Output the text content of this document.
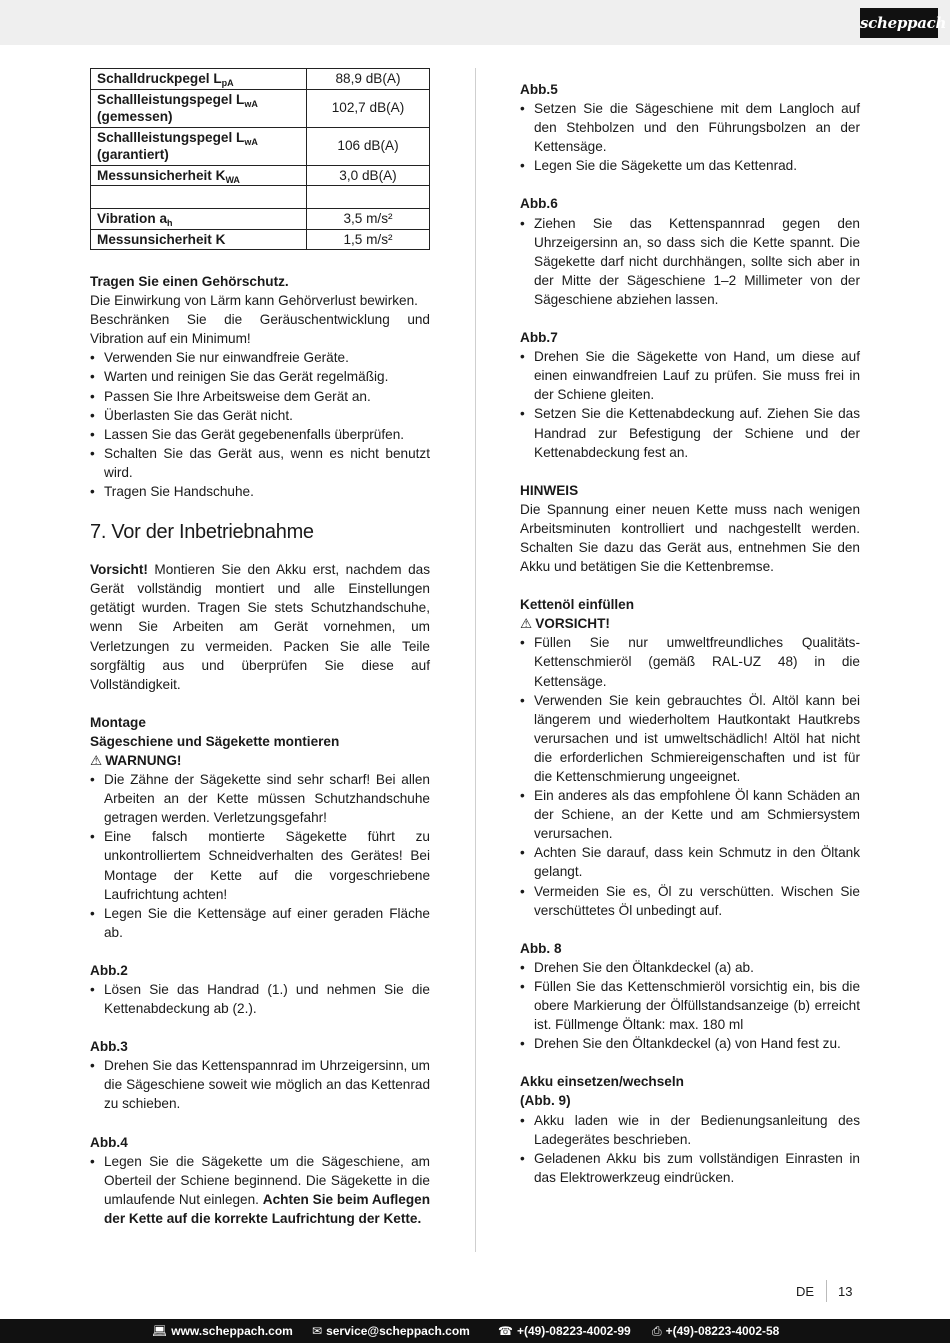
scheppach
Schalldruckpegel $L_{pA}$	88,9 dB(A)
Schallleistungspegel $L_{wA}$
(gemessen)	102,7 dB(A)
Schallleistungspegel $L_{wA}$
(garantiert)	106 dB(A)
Messunsicherheit $K_{WA}$	3,0 dB(A)

Vibration $a_h$	3,5 m/s²
Messunsicherheit K	1,5 m/s²

Tragen Sie einen Gehörschutz.

Die Einwirkung von Lärm kann Gehörverlust bewirken.

Beschränken Sie die Geräuschentwicklung und Vibration auf ein Minimum!

• Verwenden Sie nur einwandfreie Geräte.
• Warten und reinigen Sie das Gerät regelmäßig.
• Passen Sie Ihre Arbeitsweise dem Gerät an.
• Überlasten Sie das Gerät nicht.
• Lassen Sie das Gerät gegebenenfalls überprüfen.
• Schalten Sie das Gerät aus, wenn es nicht benutzt wird.
• Tragen Sie Handschuhe.
7. Vor der Inbetriebnahme

Vorsicht! Montieren Sie den Akku erst, nachdem das Gerät vollständig montiert und alle Einstellungen getätigt wurden. Tragen Sie stets Schutzhandschuhe, wenn Sie Arbeiten am Gerät vornehmen, um Verletzungen zu vermeiden. Packen Sie alle Teile sorgfältig aus und überprüfen Sie diese auf Vollständigkeit.

Montage

Sägeschiene und Sägekette montieren

⚠ WARNUNG!

• Die Zähne der Sägekette sind sehr scharf! Bei allen Arbeiten an der Kette müssen Schutzhandschuhe getragen werden. Verletzungsgefahr!
• Eine falsch montierte Sägekette führt zu unkontrolliertem Schneidverhalten des Gerätes! Bei Montage der Kette auf die vorgeschriebene Laufrichtung achten!
• Legen Sie die Kettensäge auf einer geraden Fläche ab.

Abb.2

• Lösen Sie das Handrad (1.) und nehmen Sie die Kettenabdeckung ab (2.).

Abb.3

• Drehen Sie das Kettenspannrad im Uhrzeigersinn, um die Sägeschiene soweit wie möglich an das Kettenrad zu schieben.

Abb.4

• Legen Sie die Sägekette um die Sägeschiene, am Oberteil der Schiene beginnend. Die Sägekette in die umlaufende Nut einlegen. Achten Sie beim Auflegen der Kette auf die korrekte Laufrichtung der Kette.

Abb.5

• Setzen Sie die Sägeschiene mit dem Langloch auf den Stehbolzen und den Führungsbolzen an der Kettensäge.
• Legen Sie die Sägekette um das Kettenrad.

Abb.6

• Ziehen Sie das Kettenspannrad gegen den Uhrzeigersinn an, so dass sich die Kette spannt. Die Sägekette darf nicht durchhängen, sollte sich aber in der Mitte der Sägeschiene 1–2 Millimeter von der Sägeschiene abziehen lassen.

Abb.7

• Drehen Sie die Sägekette von Hand, um diese auf einen einwandfreien Lauf zu prüfen. Sie muss frei in der Schiene gleiten.
• Setzen Sie die Kettenabdeckung auf. Ziehen Sie das Handrad zur Befestigung der Schiene und der Kettenabdeckung fest an.

HINWEIS

Die Spannung einer neuen Kette muss nach wenigen Arbeitsminuten kontrolliert und nachgestellt werden. Schalten Sie dazu das Gerät aus, entnehmen Sie den Akku und betätigen Sie die Kettenbremse.

Kettenöl einfüllen

⚠ VORSICHT!

• Füllen Sie nur umweltfreundliches Qualitäts-Kettenschmieröl (gemäß RAL-UZ 48) in die Kettensäge.
• Verwenden Sie kein gebrauchtes Öl. Altöl kann bei längerem und wiederholtem Hautkontakt Hautkrebs verursachen und ist umweltschädlich! Altöl hat nicht die erforderlichen Schmiereigenschaften und ist für die Kettenschmierung ungeeignet.
• Ein anderes als das empfohlene Öl kann Schäden an der Schiene, an der Kette und am Schmiersystem verursachen.
• Achten Sie darauf, dass kein Schmutz in den Öltank gelangt.
• Vermeiden Sie es, Öl zu verschütten. Wischen Sie verschüttetes Öl unbedingt auf.

Abb. 8

• Drehen Sie den Öltankdeckel (a) ab.
• Füllen Sie das Kettenschmieröl vorsichtig ein, bis die obere Markierung der Ölfüllstandsanzeige (b) erreicht ist. Füllmenge Öltank: max. 180 ml
• Drehen Sie den Öltankdeckel (a) von Hand fest zu.

Akku einsetzen/wechseln

(Abb. 9)

• Akku laden wie in der Bedienungsanleitung des Ladegerätes beschrieben.
• Geladenen Akku bis zum vollständigen Einrasten in das Elektrowerkzeug eindrücken.
DE 13
💻︎ www.scheppach.com ✉ service@scheppach.com ☎ +(49)-08223-4002-99 ⎙ +(49)-08223-4002-58
